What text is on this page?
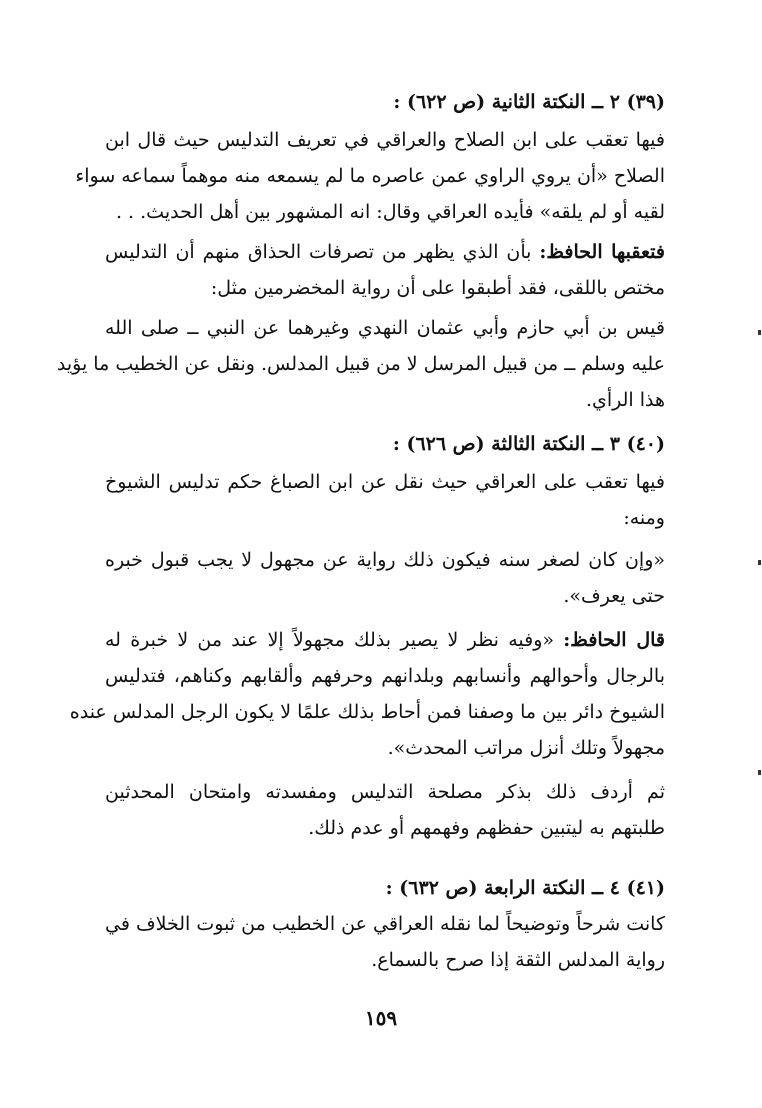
(٣٩) ٢ ــ النكتة الثانية (ص ٦٢٢) :
فيها تعقب على ابن الصلاح والعراقي في تعريف التدليس حيث قال ابن
الصلاح «أن يروي الراوي عمن عاصره ما لم يسمعه منه موهماً سماعه سواء
لقيه أو لم يلقه» فأيده العراقي وقال: انه المشهور بين أهل الحديث. . .
فتعقبها الحافظ: بأن الذي يظهر من تصرفات الحذاق منهم أن التدليس
مختص باللقى، فقد أطبقوا على أن رواية المخضرمين مثل:
قيس بن أبي حازم وأبي عثمان النهدي وغيرهما عن النبي ــ صلى الله
عليه وسلم ــ من قبيل المرسل لا من قبيل المدلس. ونقل عن الخطيب ما يؤيد
هذا الرأي.
(٤٠) ٣ ــ النكتة الثالثة (ص ٦٢٦) :
فيها تعقب على العراقي حيث نقل عن ابن الصباغ حكم تدليس الشيوخ
ومنه:
«وإن كان لصغر سنه فيكون ذلك رواية عن مجهول لا يجب قبول خبره
حتى يعرف».
قال الحافظ: «وفيه نظر لا يصير بذلك مجهولاً إلا عند من لا خبرة له
بالرجال وأحوالهم وأنسابهم وبلدانهم وحرفهم وألقابهم وكناهم، فتدليس
الشيوخ دائر بين ما وصفنا فمن أحاط بذلك علمًا لا يكون الرجل المدلس عنده
مجهولاً وتلك أنزل مراتب المحدث».
ثم أردف ذلك بذكر مصلحة التدليس ومفسدته وامتحان المحدثين
طلبتهم به ليتبين حفظهم وفهمهم أو عدم ذلك.
(٤١) ٤ ــ النكتة الرابعة (ص ٦٣٢) :
كانت شرحاً وتوضيحاً لما نقله العراقي عن الخطيب من ثبوت الخلاف في
رواية المدلس الثقة إذا صرح بالسماع.
١٥٩
